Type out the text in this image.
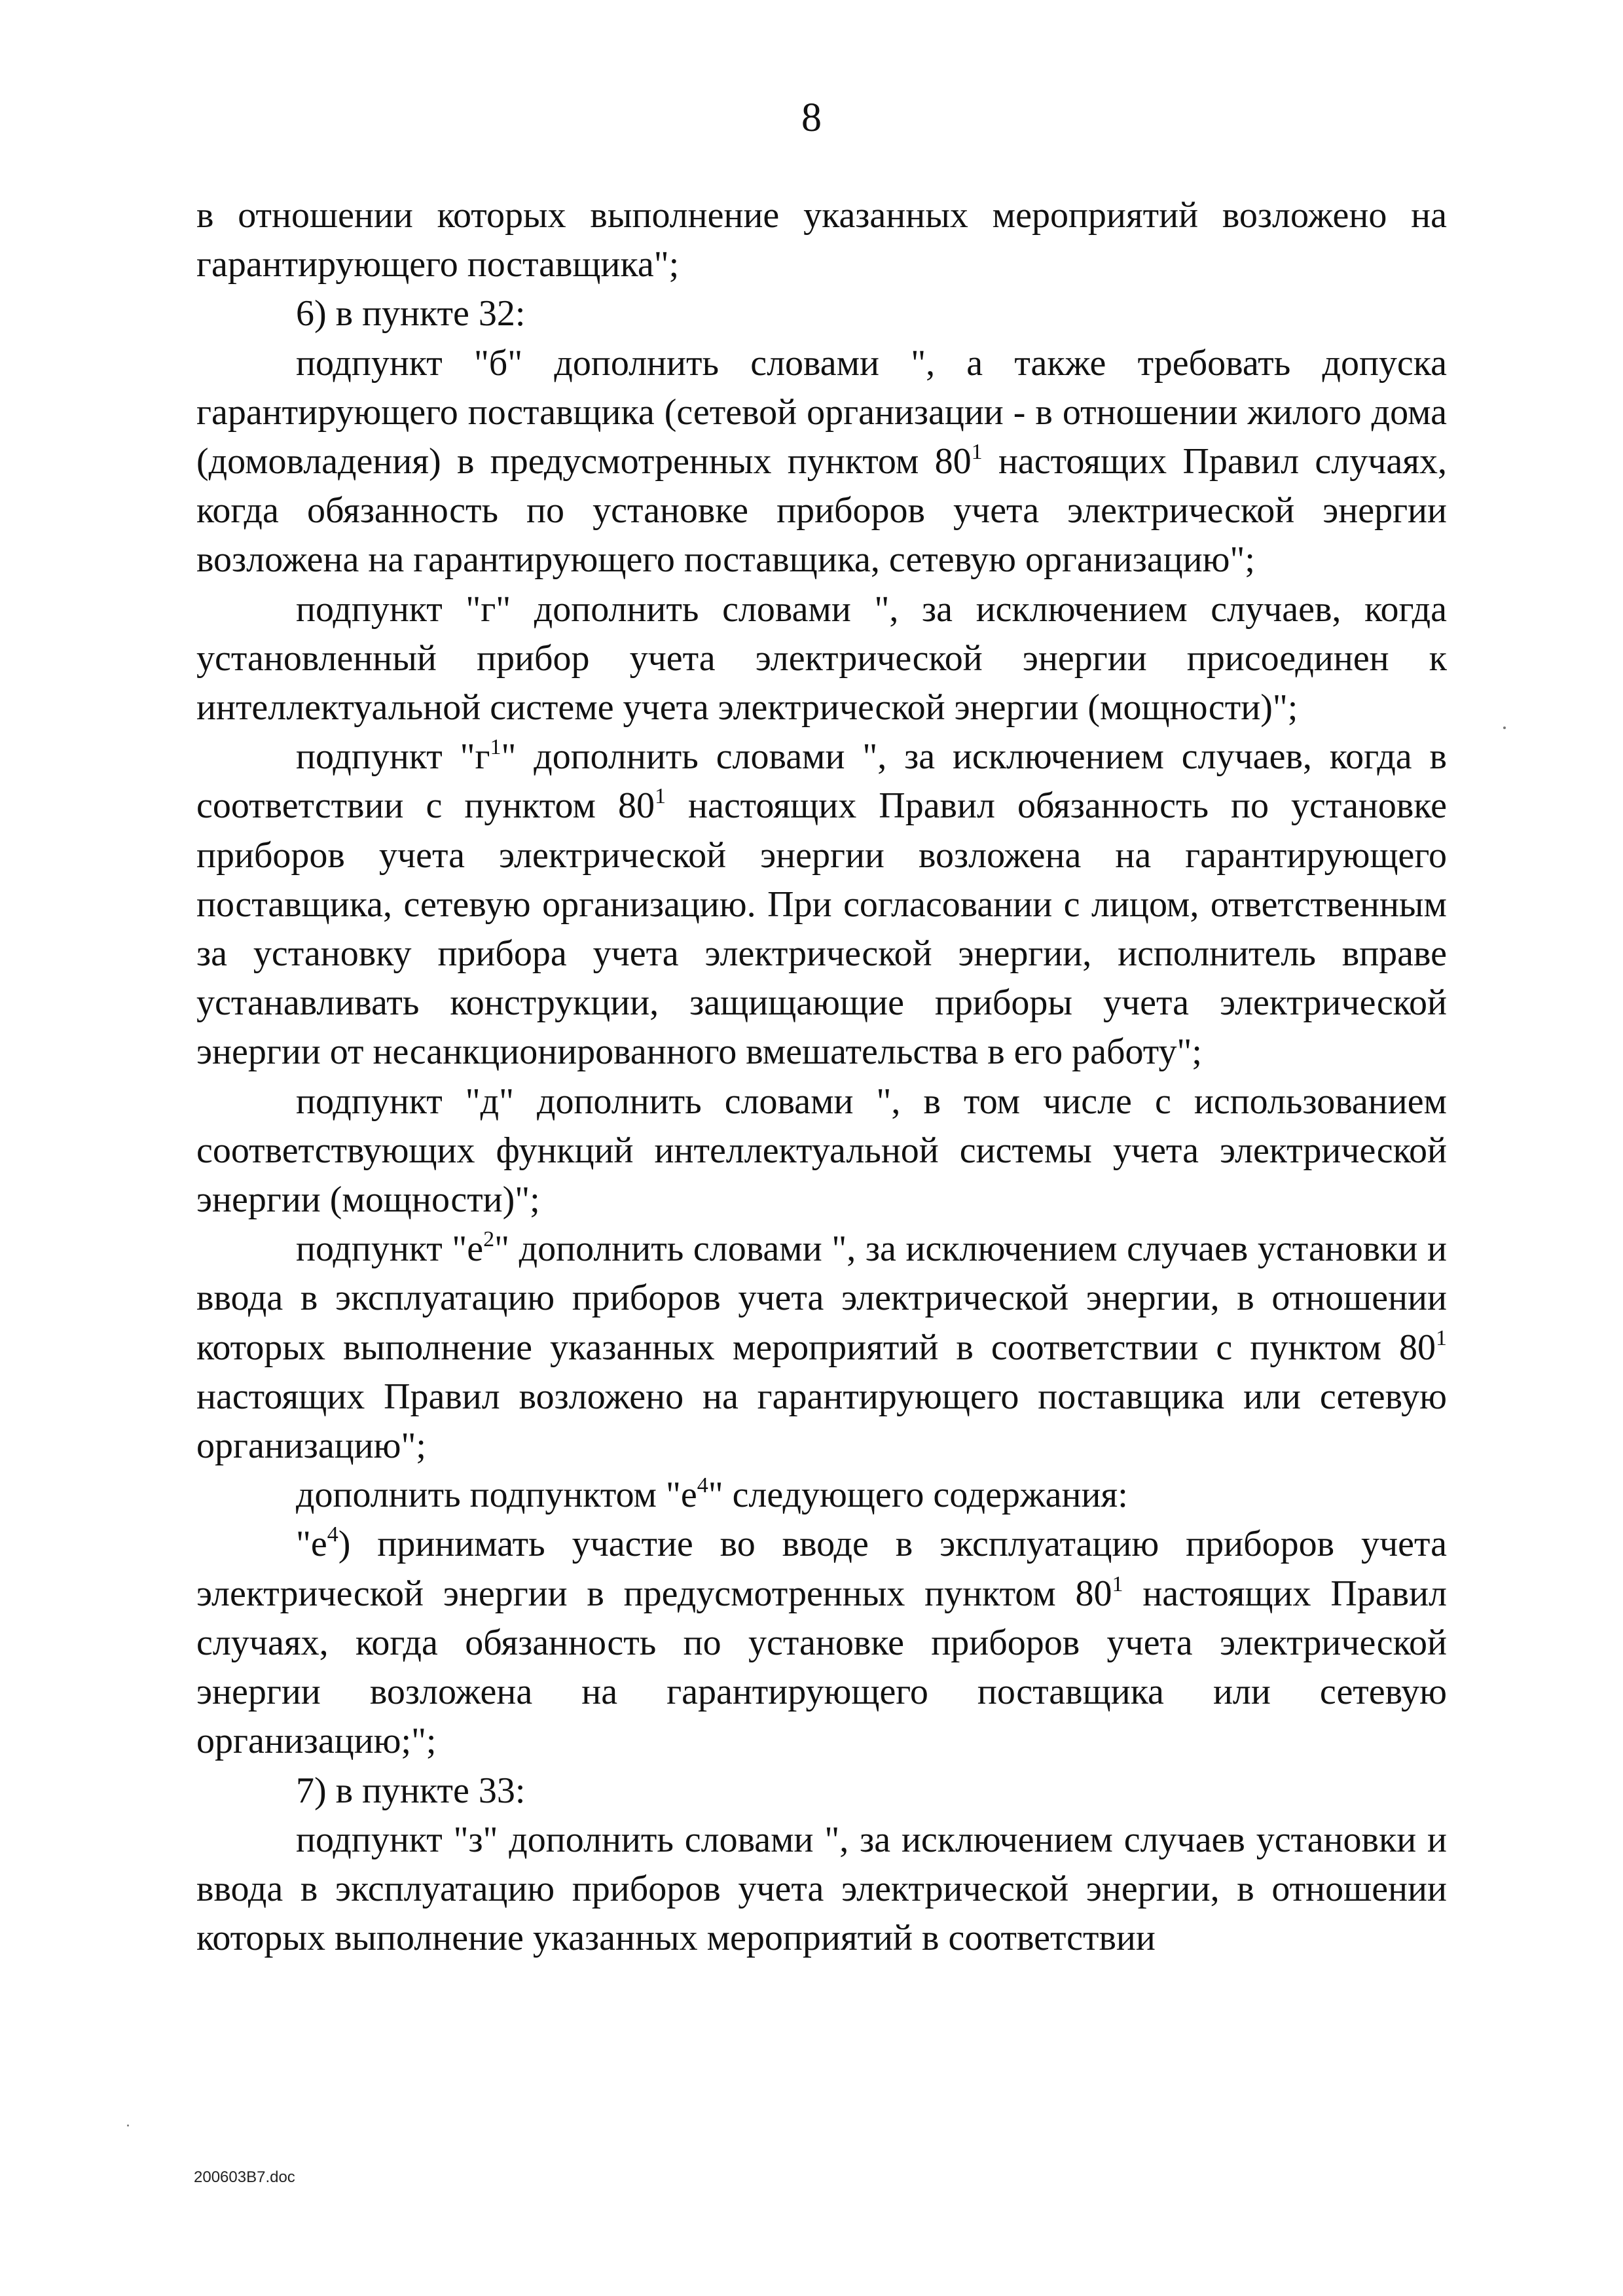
8

в отношении которых выполнение указанных мероприятий возложено на гарантирующего поставщика";

6) в пункте 32:

подпункт "б" дополнить словами ", а также требовать допуска гарантирующего поставщика (сетевой организации - в отношении жилого дома (домовладения) в предусмотренных пунктом $80^1$ настоящих Правил случаях, когда обязанность по установке приборов учета электрической энергии возложена на гарантирующего поставщика, сетевую организацию";

подпункт "г" дополнить словами ", за исключением случаев, когда установленный прибор учета электрической энергии присоединен к интеллектуальной системе учета электрической энергии (мощности)";

подпункт "$г^1$" дополнить словами ", за исключением случаев, когда в соответствии с пунктом $80^1$ настоящих Правил обязанность по установке приборов учета электрической энергии возложена на гарантирующего поставщика, сетевую организацию. При согласовании с лицом, ответственным за установку прибора учета электрической энергии, исполнитель вправе устанавливать конструкции, защищающие приборы учета электрической энергии от несанкционированного вмешательства в его работу";

подпункт "д" дополнить словами ", в том числе с использованием соответствующих функций интеллектуальной системы учета электрической энергии (мощности)";

подпункт "$е^2$" дополнить словами ", за исключением случаев установки и ввода в эксплуатацию приборов учета электрической энергии, в отношении которых выполнение указанных мероприятий в соответствии с пунктом $80^1$ настоящих Правил возложено на гарантирующего поставщика или сетевую организацию";

дополнить подпунктом "$е^4$" следующего содержания:

"$е^4$) принимать участие во вводе в эксплуатацию приборов учета электрической энергии в предусмотренных пунктом $80^1$ настоящих Правил случаях, когда обязанность по установке приборов учета электрической энергии возложена на гарантирующего поставщика или сетевую организацию;";

7) в пункте 33:

подпункт "з" дополнить словами ", за исключением случаев установки и ввода в эксплуатацию приборов учета электрической энергии, в отношении которых выполнение указанных мероприятий в соответствии

200603B7.doc
